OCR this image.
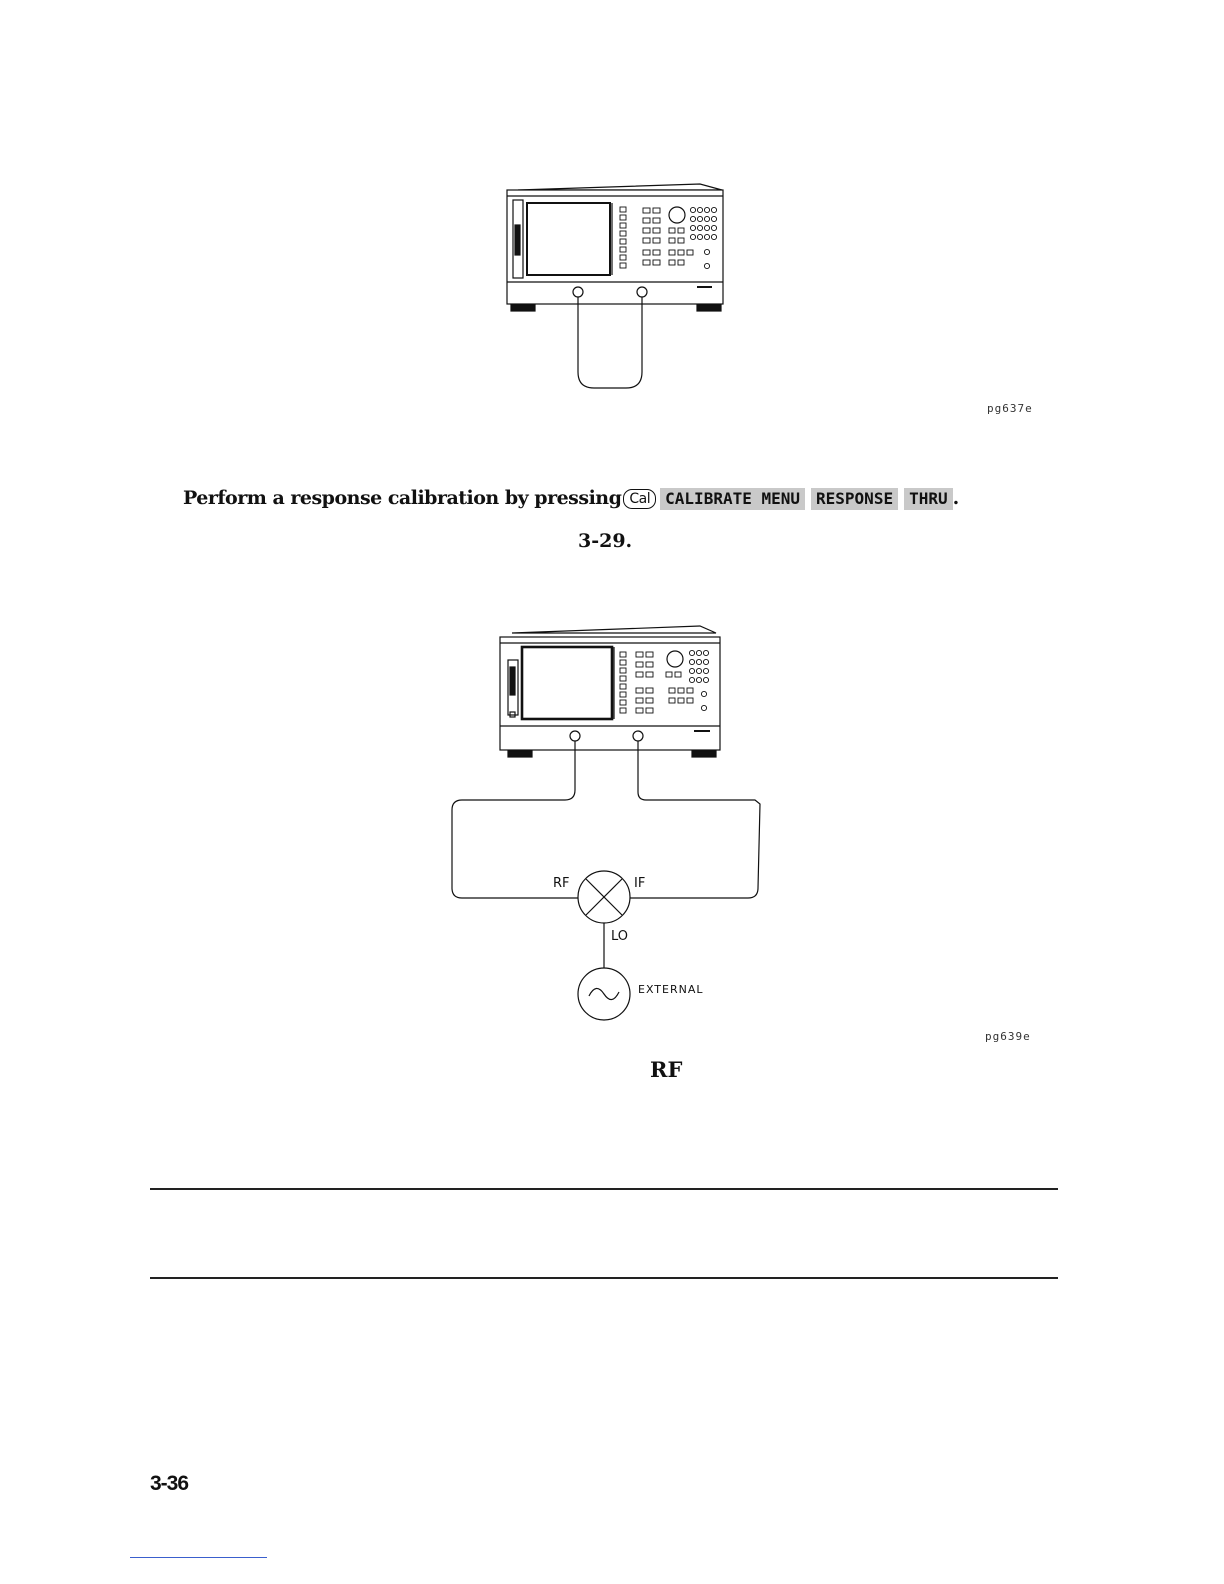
pg637e
Perform a response calibration by pressing Cal CALIBRATE MENU RESPONSE THRU .
3-29.
RF	IF
LO
EXTERNAL
pg639e
RF
3-36
